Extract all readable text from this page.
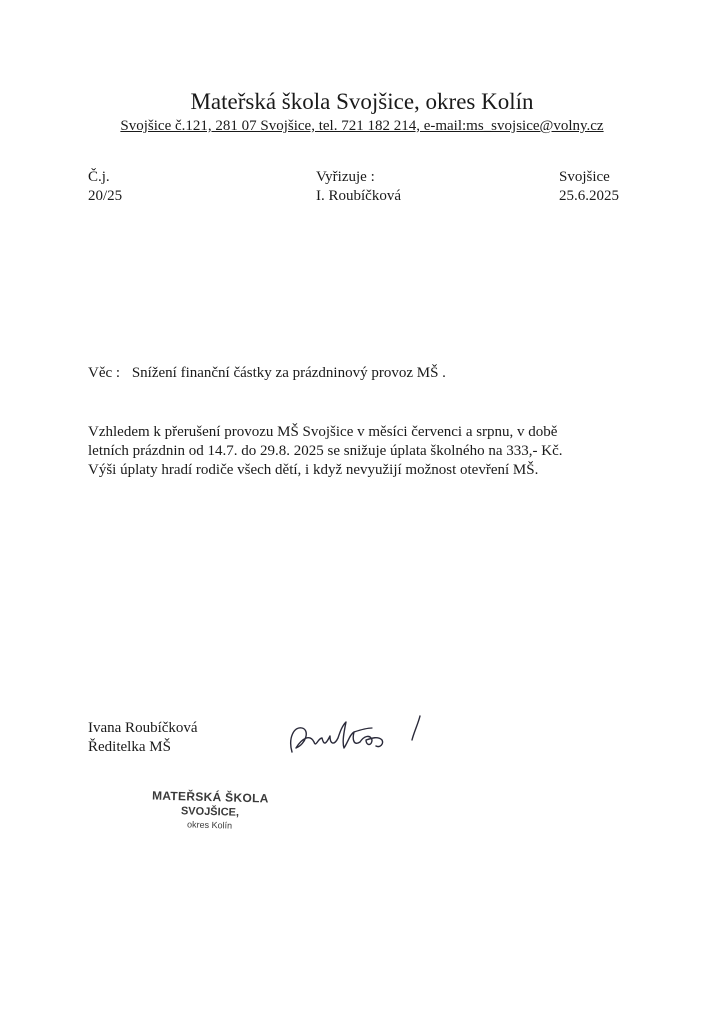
Mateřská škola Svojšice, okres Kolín
Svojšice č.121, 281 07 Svojšice, tel. 721 182 214, e-mail:ms_svojsice@volny.cz
Č.j.
20/25
Vyřizuje :
I. Roubíčková
Svojšice
25.6.2025
Věc : Snížení finanční částky za prázdninový provoz MŠ .
Vzhledem k přerušení provozu MŠ Svojšice v měsíci červenci a srpnu, v době
letních prázdnin od 14.7. do 29.8. 2025 se snižuje úplata školného na 333,- Kč.
Výši úplaty hradí rodiče všech dětí, i když nevyužijí možnost otevření MŠ.
Ivana Roubíčková
Ředitelka MŠ
MATEŘSKÁ ŠKOLA
SVOJŠICE,
okres Kolín
